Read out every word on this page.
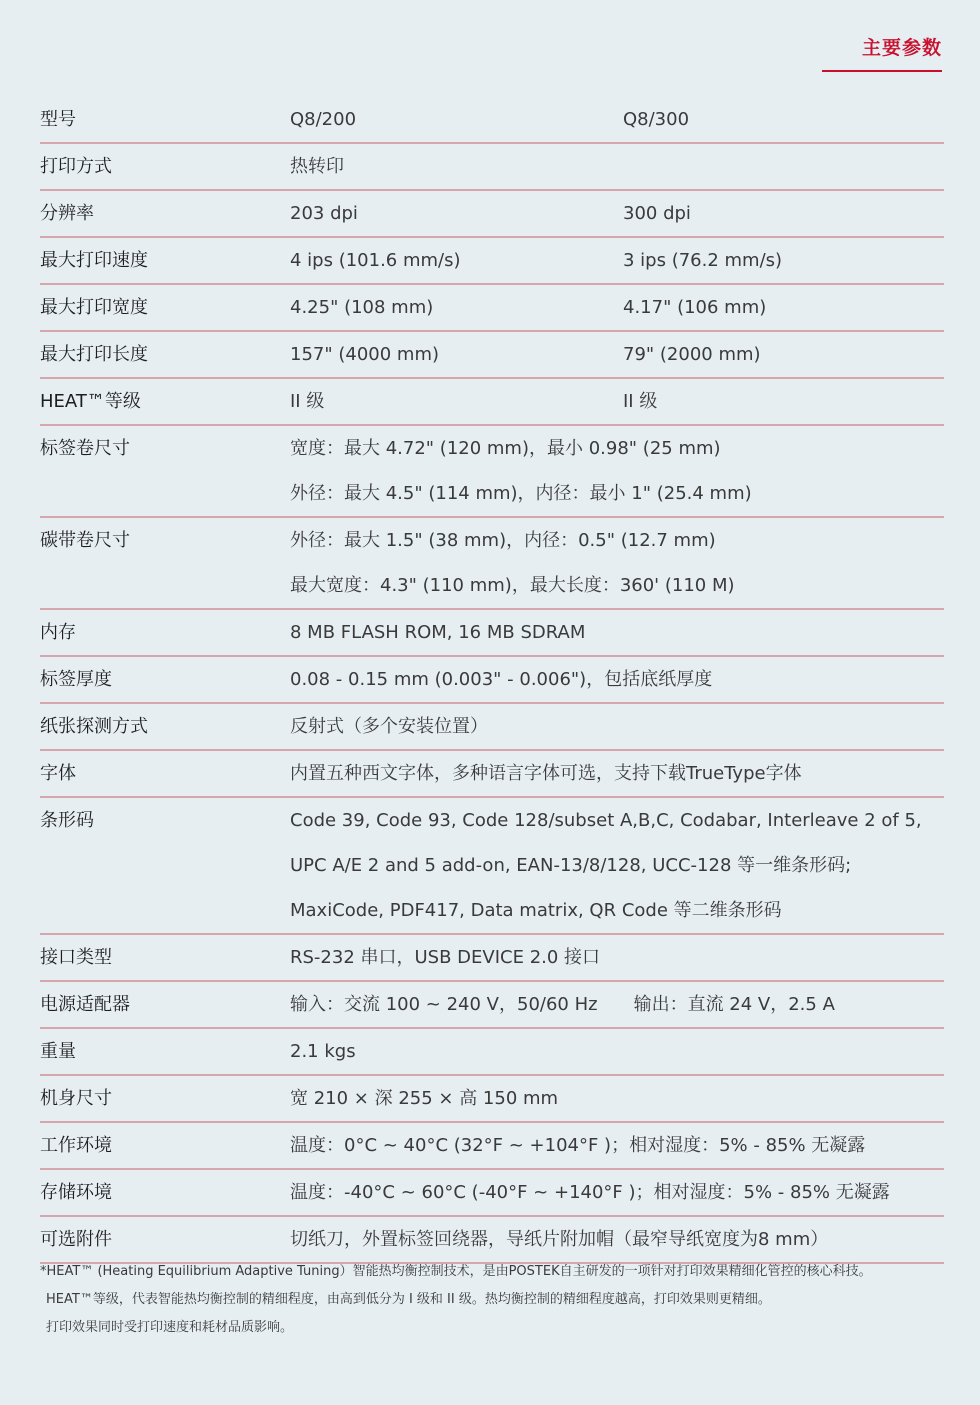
主要参数
型号	Q8/200	Q8/300
打印方式	热转印
分辨率	203 dpi	300 dpi
最大打印速度	4 ips (101.6 mm/s)	3 ips (76.2 mm/s)
最大打印宽度	4.25" (108 mm)	4.17" (106 mm)
最大打印长度	157" (4000 mm)	79" (2000 mm)
HEAT™等级	II 级	II 级
标签卷尺寸	宽度：最大 4.72" (120 mm)，最小 0.98" (25 mm)
外径：最大 4.5" (114 mm)，内径：最小 1" (25.4 mm)
碳带卷尺寸	外径：最大 1.5" (38 mm)，内径：0.5" (12.7 mm)
最大宽度：4.3" (110 mm)，最大长度：360' (110 M)
内存	8 MB FLASH ROM, 16 MB SDRAM
标签厚度	0.08 - 0.15 mm (0.003" - 0.006")，包括底纸厚度
纸张探测方式	反射式（多个安装位置）
字体	内置五种西文字体，多种语言字体可选，支持下载TrueType字体
条形码	Code 39, Code 93, Code 128/subset A,B,C, Codabar, Interleave 2 of 5,
UPC A/E 2 and 5 add-on, EAN-13/8/128, UCC-128 等一维条形码;
MaxiCode, PDF417, Data matrix, QR Code 等二维条形码
接口类型	RS-232 串口，USB DEVICE 2.0 接口
电源适配器	输入：交流 100 ~ 240 V，50/60 Hz　　输出：直流 24 V，2.5 A
重量	2.1 kgs
机身尺寸	宽 210 × 深 255 × 高 150 mm
工作环境	温度：0°C ~ 40°C (32°F ~ +104°F )；相对湿度：5% - 85% 无凝露
存储环境	温度：-40°C ~ 60°C (-40°F ~ +140°F )；相对湿度：5% - 85% 无凝露
可选附件	切纸刀，外置标签回绕器，导纸片附加帽（最窄导纸宽度为8 mm）
*HEAT™ (Heating Equilibrium Adaptive Tuning）智能热均衡控制技术，是由POSTEK自主研发的一项针对打印效果精细化管控的核心科技。
HEAT™等级，代表智能热均衡控制的精细程度，由高到低分为 I 级和 II 级。热均衡控制的精细程度越高，打印效果则更精细。
打印效果同时受打印速度和耗材品质影响。
